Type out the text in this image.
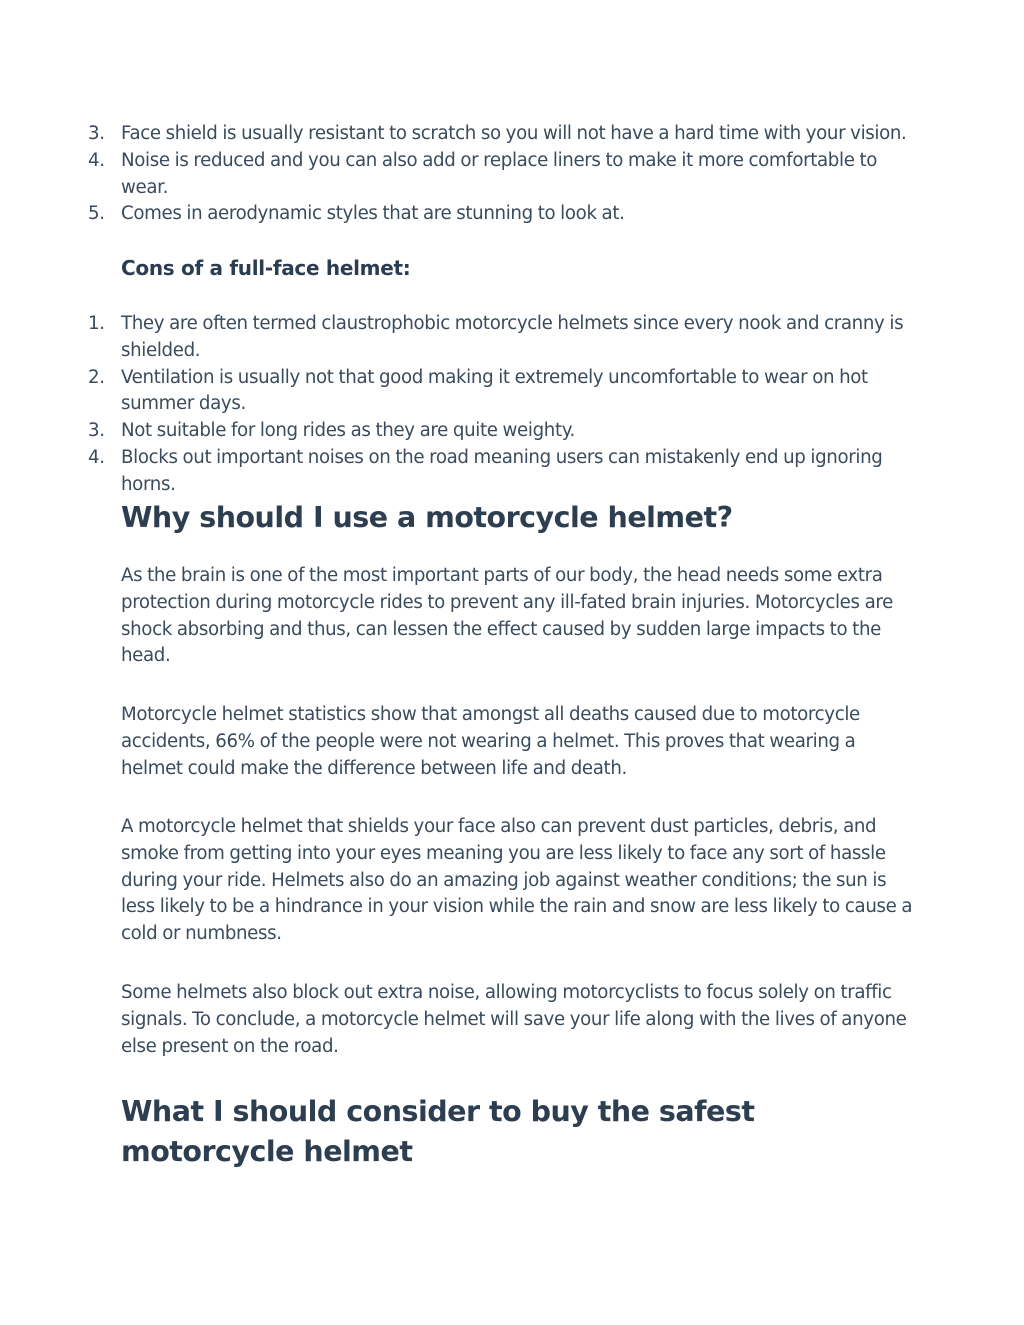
3. Face shield is usually resistant to scratch so you will not have a hard time with your vision.
4. Noise is reduced and you can also add or replace liners to make it more comfortable to wear.
5. Comes in aerodynamic styles that are stunning to look at.
Cons of a full-face helmet:
1. They are often termed claustrophobic motorcycle helmets since every nook and cranny is shielded.
2. Ventilation is usually not that good making it extremely uncomfortable to wear on hot summer days.
3. Not suitable for long rides as they are quite weighty.
4. Blocks out important noises on the road meaning users can mistakenly end up ignoring horns.
Why should I use a motorcycle helmet?

As the brain is one of the most important parts of our body, the head needs some extra protection during motorcycle rides to prevent any ill-fated brain injuries. Motorcycles are shock absorbing and thus, can lessen the effect caused by sudden large impacts to the head.

Motorcycle helmet statistics show that amongst all deaths caused due to motorcycle accidents, 66% of the people were not wearing a helmet. This proves that wearing a helmet could make the difference between life and death.

A motorcycle helmet that shields your face also can prevent dust particles, debris, and smoke from getting into your eyes meaning you are less likely to face any sort of hassle during your ride. Helmets also do an amazing job against weather conditions; the sun is less likely to be a hindrance in your vision while the rain and snow are less likely to cause a cold or numbness.

Some helmets also block out extra noise, allowing motorcyclists to focus solely on traffic signals. To conclude, a motorcycle helmet will save your life along with the lives of anyone else present on the road.

What I should consider to buy the safest motorcycle helmet
